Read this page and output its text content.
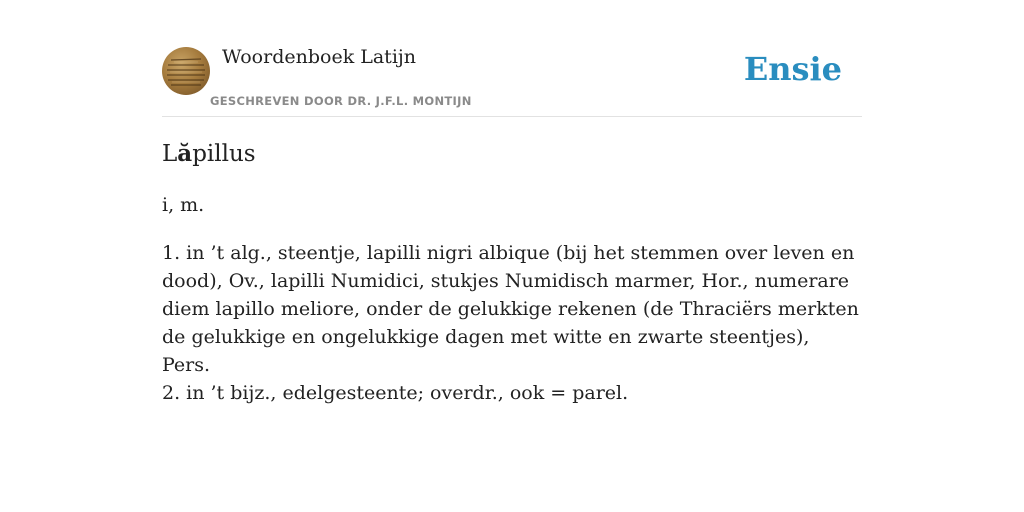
Woordenboek Latijn
GESCHREVEN DOOR DR. J.F.L. MONTIJN
Ensie
Lăpillus
i, m.

1. in ’t alg., steentje, lapilli nigri albique (bij het stemmen over leven en dood), Ov., lapilli Numidici, stukjes Numidisch marmer, Hor., numerare diem lapillo meliore, onder de gelukkige rekenen (de Thraciërs merkten de gelukkige en ongelukkige dagen met witte en zwarte steentjes), Pers.

2. in ’t bijz., edelgesteente; overdr., ook = parel.
